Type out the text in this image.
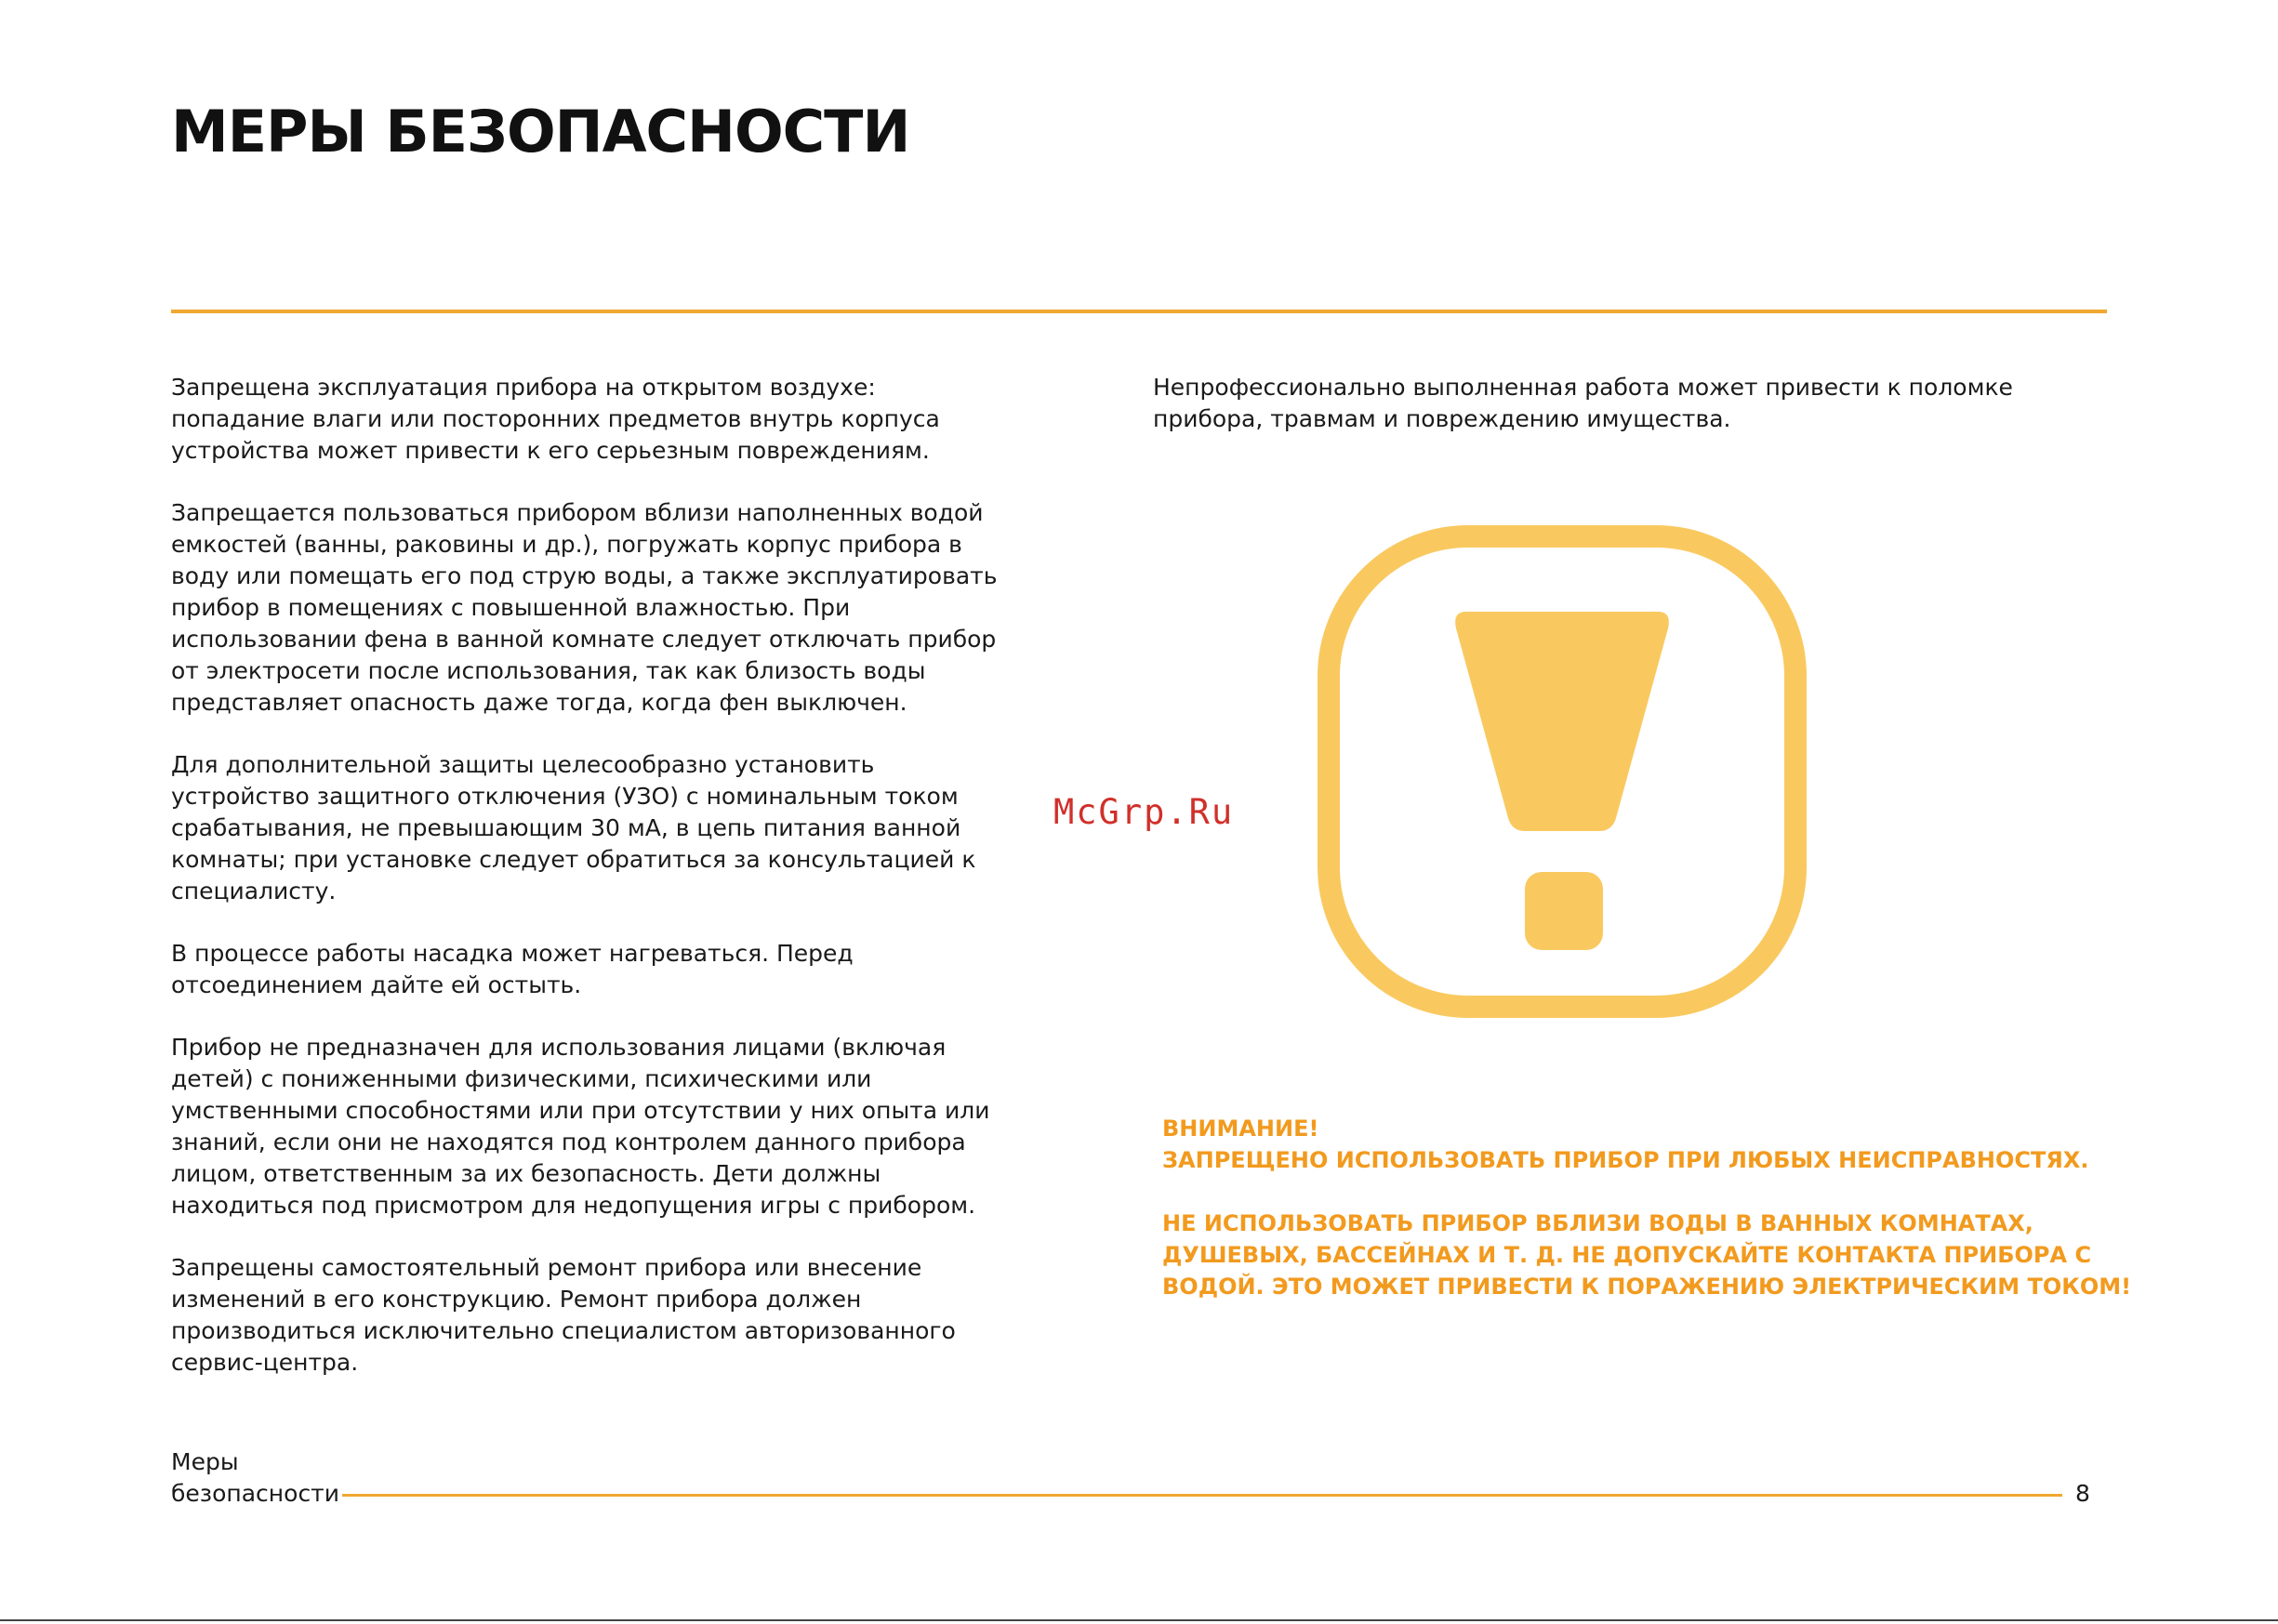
МЕРЫ БЕЗОПАСНОСТИ

Запрещена эксплуатация прибора на открытом воздухе: попадание влаги или посторонних предметов внутрь корпуса устройства может привести к его серьезным повреждениям.

Запрещается пользоваться прибором вблизи наполненных водой емкостей (ванны, раковины и др.), погружать корпус прибора в воду или помещать его под струю воды, а также эксплуатировать прибор в помещениях с повышенной влажностью. При использовании фена в ванной комнате следует отключать прибор от электросети после использования, так как близость воды представляет опасность даже тогда, когда фен выключен.

Для дополнительной защиты целесообразно установить устройство защитного отключения (УЗО) с номинальным током срабатывания, не превышающим 30 мА, в цепь питания ванной комнаты; при установке следует обратиться за консультацией к специалисту.

В процессе работы насадка может нагреваться. Перед отсоединением дайте ей остыть.

Прибор не предназначен для использования лицами (включая детей) с пониженными физическими, психическими или умственными способностями или при отсутствии у них опыта или знаний, если они не находятся под контролем данного прибора лицом, ответственным за их безопасность. Дети должны находиться под присмотром для недопущения игры с прибором.

Запрещены самостоятельный ремонт прибора или внесение изменений в его конструкцию. Ремонт прибора должен производиться исключительно специалистом авторизованного сервис-центра.

Непрофессионально выполненная работа может привести к поломке прибора, травмам и повреждению имущества.

McGrp.Ru

ВНИМАНИЕ!

ЗАПРЕЩЕНО ИСПОЛЬЗОВАТЬ ПРИБОР ПРИ ЛЮБЫХ НЕИСПРАВНОСТЯХ.

НЕ ИСПОЛЬЗОВАТЬ ПРИБОР ВБЛИЗИ ВОДЫ В ВАННЫХ КОМНАТАХ, ДУШЕВЫХ, БАССЕЙНАХ И Т. Д. НЕ ДОПУСКАЙТЕ КОНТАКТА ПРИБОРА С ВОДОЙ. ЭТО МОЖЕТ ПРИВЕСТИ К ПОРАЖЕНИЮ ЭЛЕКТРИЧЕСКИМ ТОКОМ!

Меры
безопасности	8
